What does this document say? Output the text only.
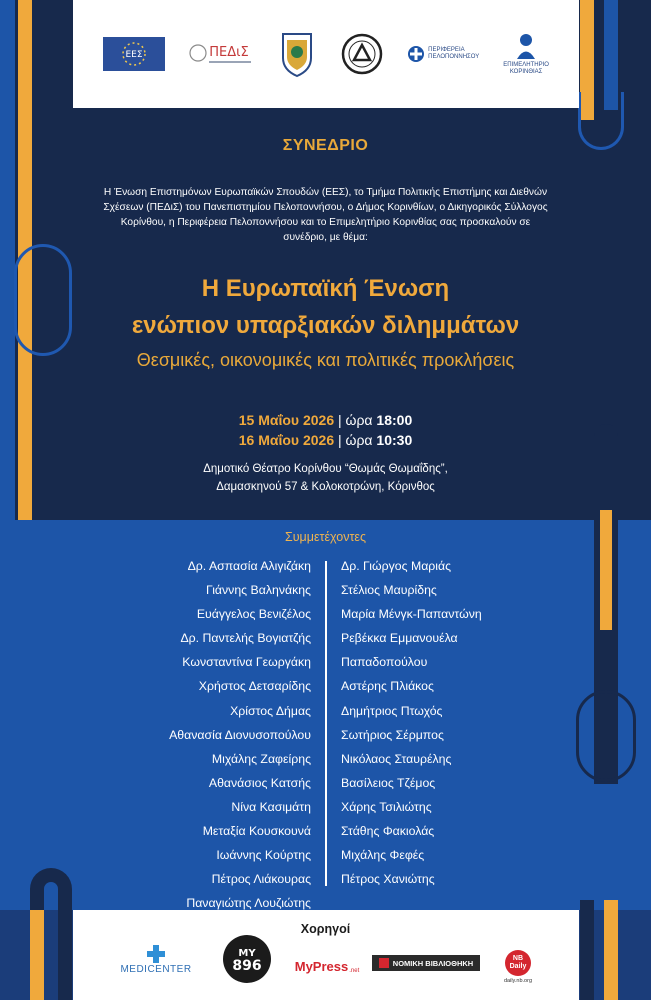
ΕΕΣ	ΠΕΔιΣ	ΠΕΡΙΦΕΡΕΙΑ
ΠΕΛΟΠΟΝΝΗΣΟΥ
ΕΠΙΜΕΛΗΤΗΡΙΟ
ΚΟΡΙΝΘΙΑΣ
ΣΥΝΕΔΡΙΟ
Η Ένωση Επιστημόνων Ευρωπαϊκών Σπουδών (ΕΕΣ), το Τμήμα Πολιτικής Επιστήμης και Διεθνών Σχέσεων (ΠΕΔιΣ) του Πανεπιστημίου Πελοποννήσου, ο Δήμος Κορινθίων, ο Δικηγορικός Σύλλογος Κορίνθου, η Περιφέρεια Πελοποννήσου και το Επιμελητήριο Κορινθίας σας προσκαλούν σε συνέδριο, με θέμα:
Η Ευρωπαϊκή Ένωση
ενώπιον υπαρξιακών διλημμάτων
Θεσμικές, οικονομικές και πολιτικές προκλήσεις
15 Μαΐου 2026 | ώρα 18:00
16 Μαΐου 2026 | ώρα 10:30
Δημοτικό Θέατρο Κορίνθου “Θωμάς Θωμαΐδης”,
Δαμασκηνού 57 & Κολοκοτρώνη, Κόρινθος
Συμμετέχοντες
Δρ. Ασπασία Αλιγιζάκη
Γιάννης Βαληνάκης
Ευάγγελος Βενιζέλος
Δρ. Παντελής Βογιατζής
Κωνσταντίνα Γεωργάκη
Χρήστος Δετσαρίδης
Χρίστος Δήμας
Αθανασία Διονυσοπούλου
Μιχάλης Ζαφείρης
Αθανάσιος Κατσής
Νίνα Κασιμάτη
Μεταξία Κουσκουνά
Ιωάννης Κούρτης
Πέτρος Λιάκουρας
Παναγιώτης Λουζιώτης
Δρ. Γιώργος Μαριάς
Στέλιος Μαυρίδης
Μαρία Μένγκ-Παπαντώνη
Ρεβέκκα Εμμανουέλα
Παπαδοπούλου
Αστέρης Πλιάκος
Δημήτριος Πτωχός
Σωτήριος Σέρμπος
Νικόλαος Σταυρέλης
Βασίλειος Τζέμος
Χάρης Τσιλιώτης
Στάθης Φακιολάς
Μιχάλης Φεφές
Πέτρος Χανιώτης
Χορηγοί
MEDICENTER
MY
896	MyPress .net
ΝΟΜΙΚΗ ΒΙΒΛΙΟΘΗΚΗ	NB
Daily
daily.nb.org
